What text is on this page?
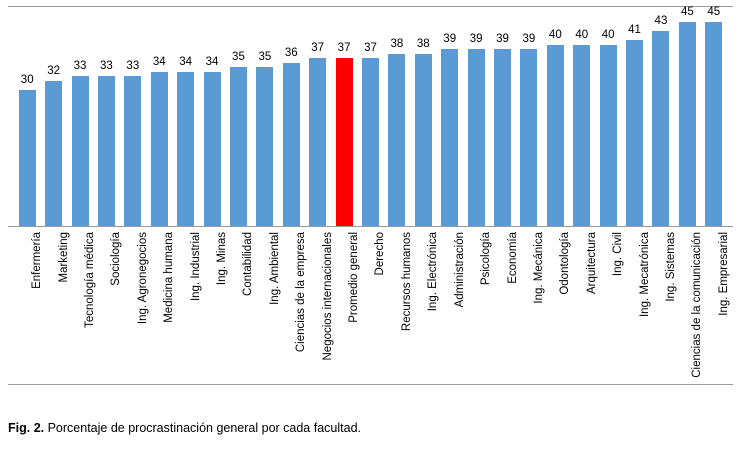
30
32 33 33 33 34 34 34 35 35 36 37 37 37 38 38 39 39 39 39 40 40 40 41
43
45 45
Enfermería Marketing Tecnología médica Sociología Ing. Agronegocios Medicina humana Ing. Industrial Ing. Minas Contabilidad Ing. Ambiental Ciencias de la empresa Negocios internacionales Promedio general Derecho Recursos humanos Ing. Electrónica Administración Psicología Economía Ing. Mecánica Odontología Arquitectura Ing. Civil Ing. Mecatrónica Ing. Sistemas Ciencias de la comunicación Ing. Empresarial
Fig. 2. Porcentaje de procrastinación general por cada facultad.
